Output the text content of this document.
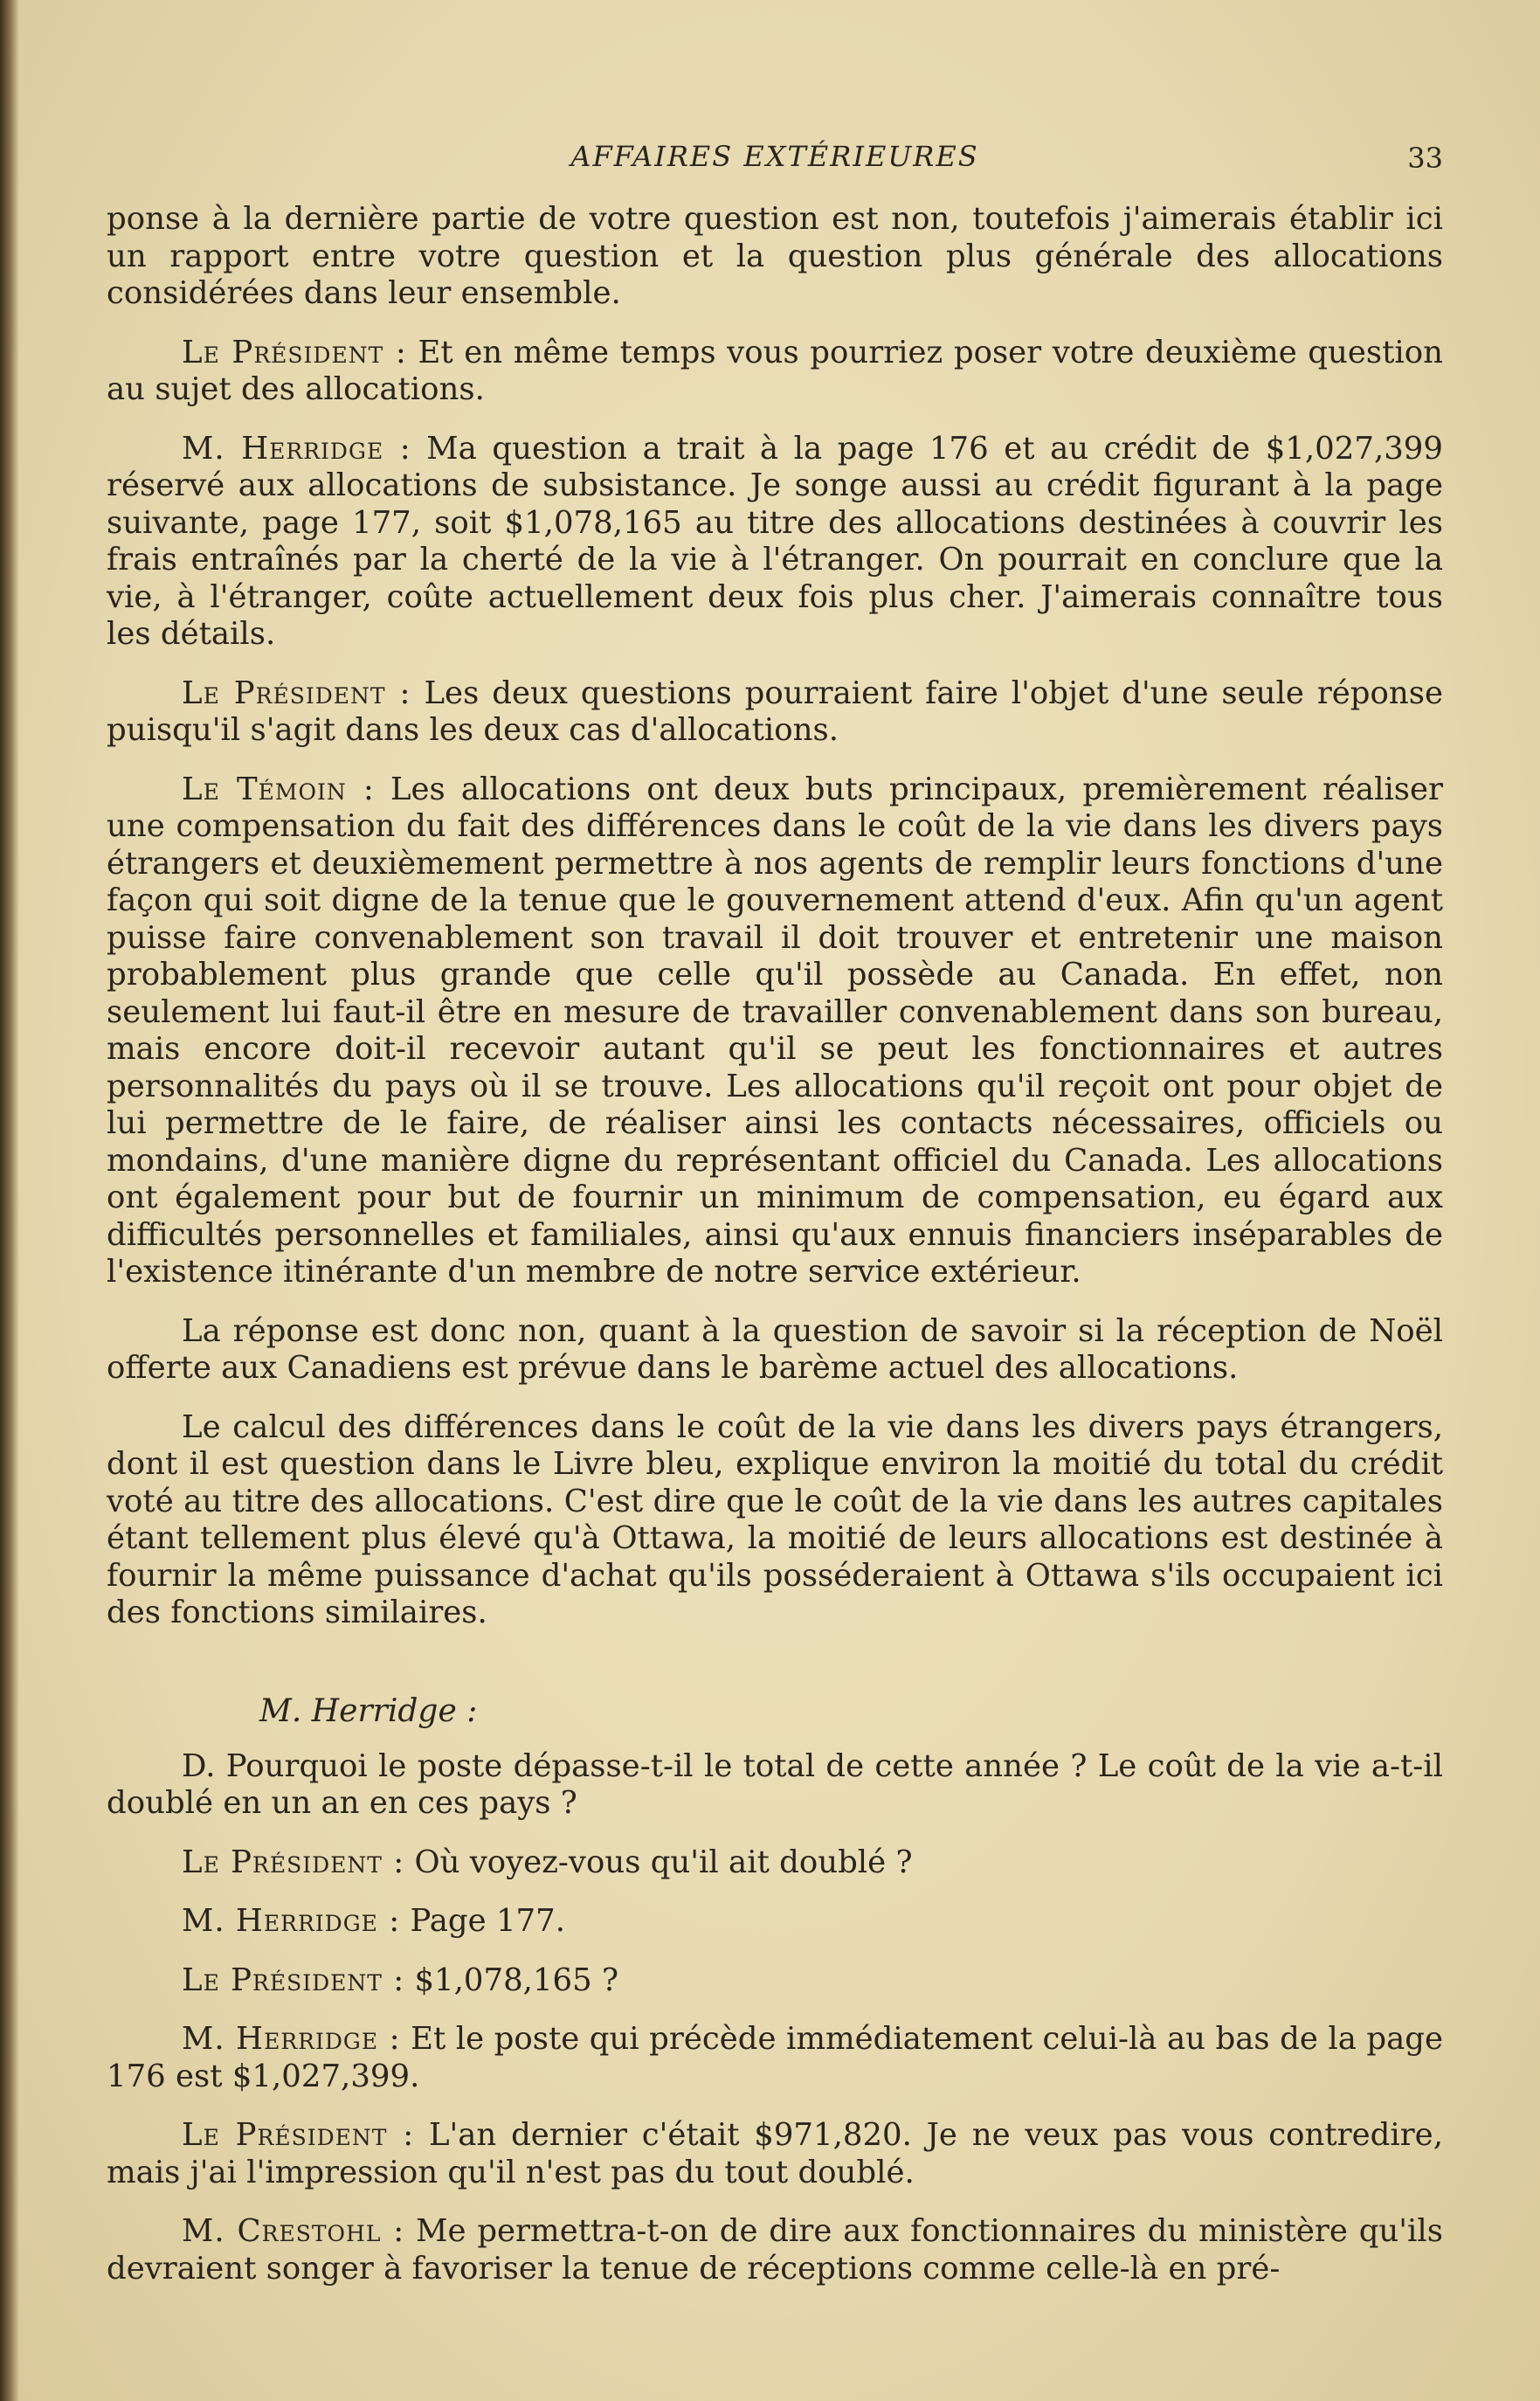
AFFAIRES EXTÉRIEURES	33

ponse à la dernière partie de votre question est non, toutefois j'aimerais établir ici un rapport entre votre question et la question plus générale des allocations considérées dans leur ensemble.

Le Président : Et en même temps vous pourriez poser votre deuxième question au sujet des allocations.

M. Herridge : Ma question a trait à la page 176 et au crédit de $1,027,399 réservé aux allocations de subsistance. Je songe aussi au crédit figurant à la page suivante, page 177, soit $1,078,165 au titre des allocations destinées à couvrir les frais entraînés par la cherté de la vie à l'étranger. On pourrait en conclure que la vie, à l'étranger, coûte actuellement deux fois plus cher. J'aimerais connaître tous les détails.

Le Président : Les deux questions pourraient faire l'objet d'une seule réponse puisqu'il s'agit dans les deux cas d'allocations.

Le Témoin : Les allocations ont deux buts principaux, premièrement réaliser une compensation du fait des différences dans le coût de la vie dans les divers pays étrangers et deuxièmement permettre à nos agents de remplir leurs fonctions d'une façon qui soit digne de la tenue que le gouvernement attend d'eux. Afin qu'un agent puisse faire convenablement son travail il doit trouver et entretenir une maison probablement plus grande que celle qu'il possède au Canada. En effet, non seulement lui faut-il être en mesure de travailler convenablement dans son bureau, mais encore doit-il recevoir autant qu'il se peut les fonctionnaires et autres personnalités du pays où il se trouve. Les allocations qu'il reçoit ont pour objet de lui permettre de le faire, de réaliser ainsi les contacts nécessaires, officiels ou mondains, d'une manière digne du représentant officiel du Canada. Les allocations ont également pour but de fournir un minimum de compensation, eu égard aux difficultés personnelles et familiales, ainsi qu'aux ennuis financiers inséparables de l'existence itinérante d'un membre de notre service extérieur.

La réponse est donc non, quant à la question de savoir si la réception de Noël offerte aux Canadiens est prévue dans le barème actuel des allocations.

Le calcul des différences dans le coût de la vie dans les divers pays étrangers, dont il est question dans le Livre bleu, explique environ la moitié du total du crédit voté au titre des allocations. C'est dire que le coût de la vie dans les autres capitales étant tellement plus élevé qu'à Ottawa, la moitié de leurs allocations est destinée à fournir la même puissance d'achat qu'ils posséderaient à Ottawa s'ils occupaient ici des fonctions similaires.

M. Herridge :

D. Pourquoi le poste dépasse-t-il le total de cette année ? Le coût de la vie a-t-il doublé en un an en ces pays ?

Le Président : Où voyez-vous qu'il ait doublé ?

M. Herridge : Page 177.

Le Président : $1,078,165 ?

M. Herridge : Et le poste qui précède immédiatement celui-là au bas de la page 176 est $1,027,399.

Le Président : L'an dernier c'était $971,820. Je ne veux pas vous contredire, mais j'ai l'impression qu'il n'est pas du tout doublé.

M. Crestohl : Me permettra-t-on de dire aux fonctionnaires du ministère qu'ils devraient songer à favoriser la tenue de réceptions comme celle-là en pré-
